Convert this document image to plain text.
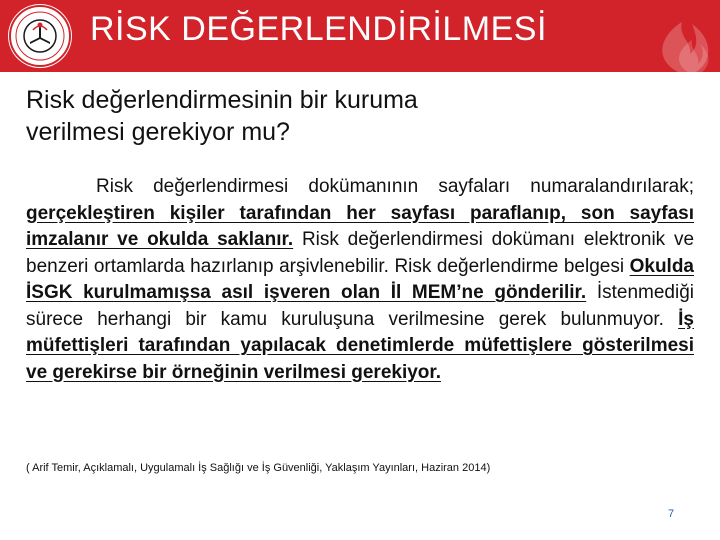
RİSK DEĞERLENDİRİLMESİ
Risk değerlendirmesinin bir kuruma
verilmesi gerekiyor mu?
Risk değerlendirmesi dokümanının sayfaları numaralandırılarak; gerçekleştiren kişiler tarafından her sayfası paraflanıp, son sayfası imzalanır ve okulda saklanır. Risk değerlendirmesi dokümanı elektronik ve benzeri ortamlarda hazırlanıp arşivlenebilir. Risk değerlendirme belgesi Okulda İSGK kurulmamışsa asıl işveren olan İl MEM’ne gönderilir. İstenmediği sürece herhangi bir kamu kuruluşuna verilmesine gerek bulunmuyor. İş müfettişleri tarafından yapılacak denetimlerde müfettişlere gösterilmesi ve gerekirse bir örneğinin verilmesi gerekiyor.
( Arif Temir, Açıklamalı, Uygulamalı İş Sağlığı ve İş Güvenliği, Yaklaşım Yayınları, Haziran 2014)
7
